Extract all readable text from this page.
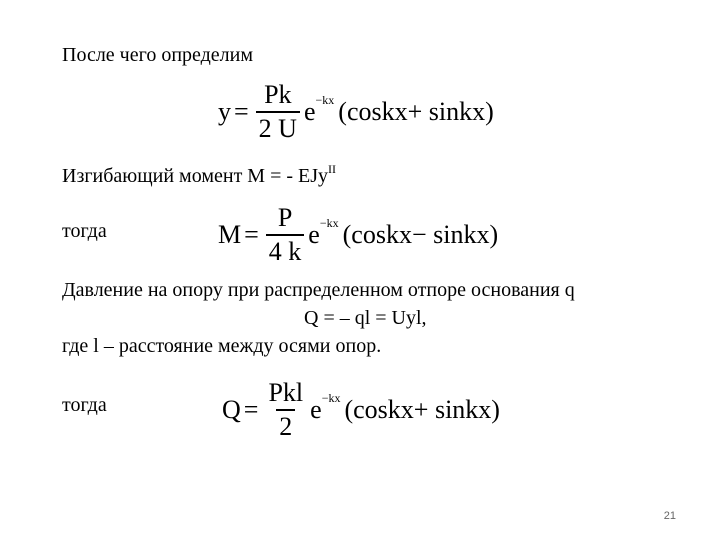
После чего определим
$y = \frac{Pk}{2 U}$ e −kx (coskx+ sinkx)
Изгибающий момент M = - EJy$^{II}$
тогда	$M = \frac{P}{4 k}$ e −kx (coskx− sinkx)
Давление на опору при распределенном отпоре основания q
Q = – ql = Uyl,
где l – расстояние между осями опор.
тогда	$Q = \frac{\text{Pkl}}{2}$ e −kx (coskx+ sinkx)
21
